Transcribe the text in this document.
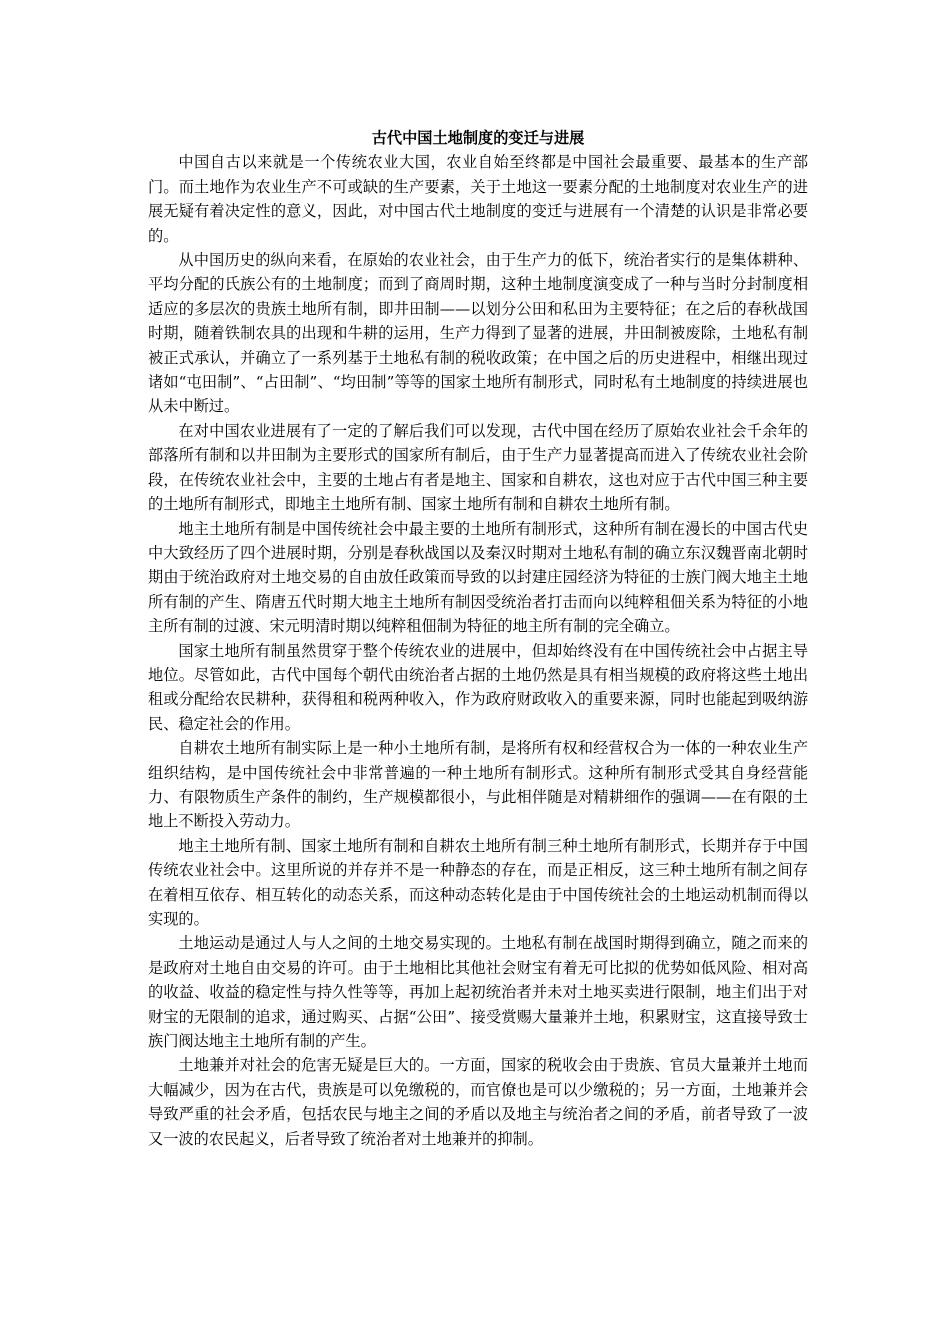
古代中国土地制度的变迁与进展

中国自古以来就是一个传统农业大国，农业自始至终都是中国社会最重要、最基本的生产部门。而土地作为农业生产不可或缺的生产要素，关于土地这一要素分配的土地制度对农业生产的进展无疑有着决定性的意义，因此，对中国古代土地制度的变迁与进展有一个清楚的认识是非常必要的。

从中国历史的纵向来看，在原始的农业社会，由于生产力的低下，统治者实行的是集体耕种、平均分配的氏族公有的土地制度；而到了商周时期，这种土地制度演变成了一种与当时分封制度相适应的多层次的贵族土地所有制，即井田制——以划分公田和私田为主要特征；在之后的春秋战国时期，随着铁制农具的出现和牛耕的运用，生产力得到了显著的进展，井田制被废除，土地私有制被正式承认，并确立了一系列基于土地私有制的税收政策；在中国之后的历史进程中，相继出现过诸如“屯田制”、“占田制”、“均田制”等等的国家土地所有制形式，同时私有土地制度的持续进展也从未中断过。

在对中国农业进展有了一定的了解后我们可以发现，古代中国在经历了原始农业社会千余年的部落所有制和以井田制为主要形式的国家所有制后，由于生产力显著提高而进入了传统农业社会阶段，在传统农业社会中，主要的土地占有者是地主、国家和自耕农，这也对应于古代中国三种主要的土地所有制形式，即地主土地所有制、国家土地所有制和自耕农土地所有制。

地主土地所有制是中国传统社会中最主要的土地所有制形式，这种所有制在漫长的中国古代史中大致经历了四个进展时期，分别是春秋战国以及秦汉时期对土地私有制的确立东汉魏晋南北朝时期由于统治政府对土地交易的自由放任政策而导致的以封建庄园经济为特征的士族门阀大地主土地所有制的产生、隋唐五代时期大地主土地所有制因受统治者打击而向以纯粹租佃关系为特征的小地主所有制的过渡、宋元明清时期以纯粹租佃制为特征的地主所有制的完全确立。

国家土地所有制虽然贯穿于整个传统农业的进展中，但却始终没有在中国传统社会中占据主导地位。尽管如此，古代中国每个朝代由统治者占据的土地仍然是具有相当规模的政府将这些土地出租或分配给农民耕种，获得租和税两种收入，作为政府财政收入的重要来源，同时也能起到吸纳游民、稳定社会的作用。

自耕农土地所有制实际上是一种小土地所有制，是将所有权和经营权合为一体的一种农业生产组织结构，是中国传统社会中非常普遍的一种土地所有制形式。这种所有制形式受其自身经营能力、有限物质生产条件的制约，生产规模都很小，与此相伴随是对精耕细作的强调——在有限的土地上不断投入劳动力。

地主土地所有制、国家土地所有制和自耕农土地所有制三种土地所有制形式，长期并存于中国传统农业社会中。这里所说的并存并不是一种静态的存在，而是正相反，这三种土地所有制之间存在着相互依存、相互转化的动态关系，而这种动态转化是由于中国传统社会的土地运动机制而得以实现的。

土地运动是通过人与人之间的土地交易实现的。土地私有制在战国时期得到确立，随之而来的是政府对土地自由交易的许可。由于土地相比其他社会财宝有着无可比拟的优势如低风险、相对高的收益、收益的稳定性与持久性等等，再加上起初统治者并未对土地买卖进行限制，地主们出于对财宝的无限制的追求，通过购买、占据“公田”、接受赏赐大量兼并土地，积累财宝，这直接导致士族门阀达地主土地所有制的产生。

土地兼并对社会的危害无疑是巨大的。一方面，国家的税收会由于贵族、官员大量兼并土地而大幅减少，因为在古代，贵族是可以免缴税的，而官僚也是可以少缴税的；另一方面，土地兼并会导致严重的社会矛盾，包括农民与地主之间的矛盾以及地主与统治者之间的矛盾，前者导致了一波又一波的农民起义，后者导致了统治者对土地兼并的抑制。
